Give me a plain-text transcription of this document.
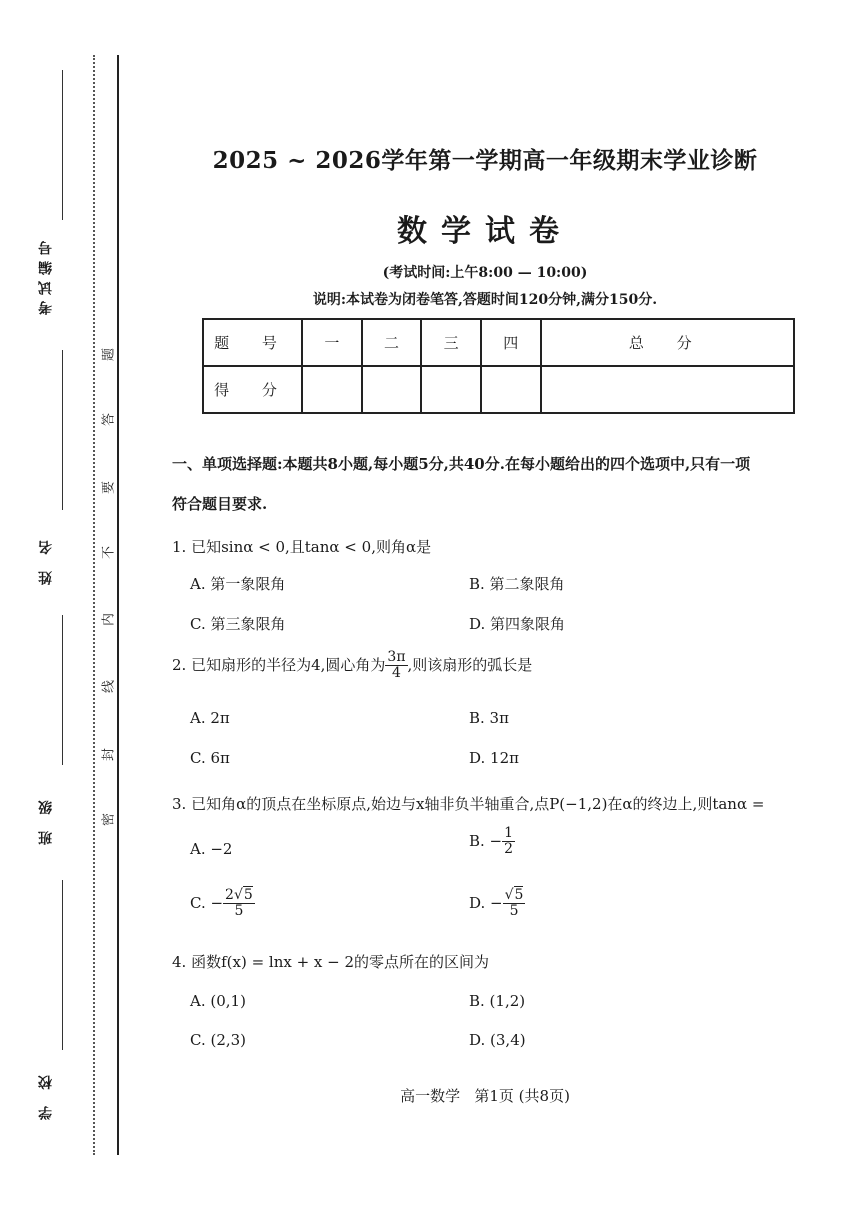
考试编号
姓 名
班 级
学 校
题
答
要
不
内
线
封
密
2025 ~ 2026学年第一学期高一年级期末学业诊断
数学试卷
(考试时间:上午8:00 — 10:00)
说明:本试卷为闭卷笔答,答题时间120分钟,满分150分.
题 号	一	二	三	四	总 分
得 分					
一、单项选择题:本题共8小题,每小题5分,共40分.在每小题给出的四个选项中,只有一项
符合题目要求.
1. 已知sinα < 0,且tanα < 0,则角α是
A. 第一象限角	B. 第二象限角
C. 第三象限角	D. 第四象限角
2. 已知扇形的半径为4,圆心角为 $\frac{3\pi}{4}$ ,则该扇形的弧长是
A. 2π	B. 3π
C. 6π	D. 12π
3. 已知角α的顶点在坐标原点,始边与x轴非负半轴重合,点P(−1,2)在α的终边上,则tanα =
A. −2	B. − $\frac{1}{2}$
C. − $\frac{2√5}{5}$	D. − $\frac{√5}{5}$
4. 函数f(x) = lnx + x − 2的零点所在的区间为
A. (0,1)	B. (1,2)
C. (2,3)	D. (3,4)
高一数学   第1页 (共8页)
